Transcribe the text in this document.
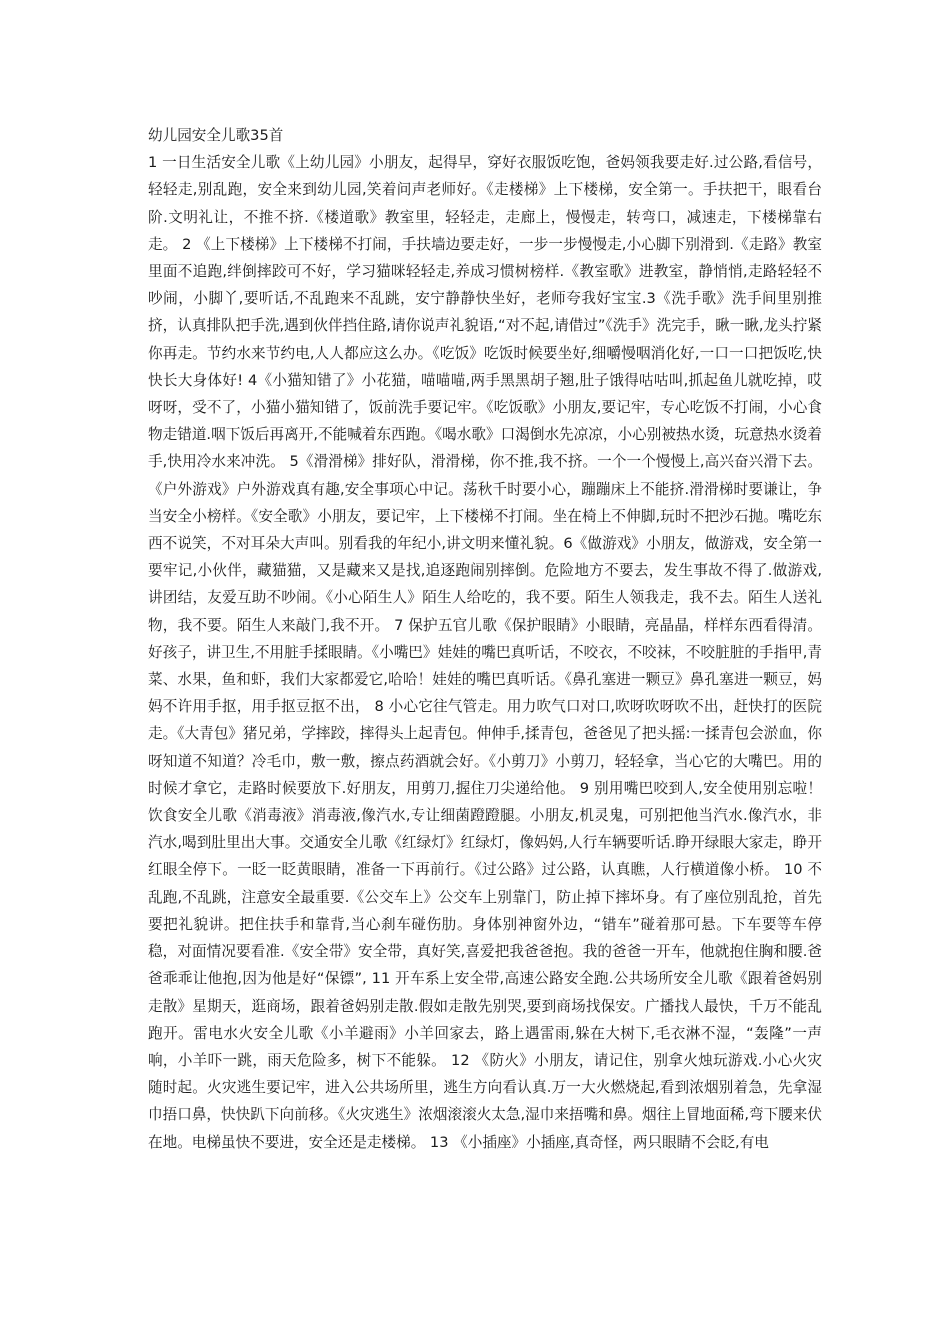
幼儿园安全儿歌35首

1 一日生活安全儿歌《上幼儿园》小朋友，起得早，穿好衣服饭吃饱，爸妈领我要走好.过公路,看信号，轻轻走,别乱跑，安全来到幼儿园,笑着问声老师好。《走楼梯》上下楼梯，安全第一。手扶把干，眼看台阶.文明礼让，不推不挤.《楼道歌》教室里，轻轻走，走廊上，慢慢走，转弯口，减速走，下楼梯靠右走。 2 《上下楼梯》上下楼梯不打闹，手扶墙边要走好，一步一步慢慢走,小心脚下别滑到.《走路》教室里面不追跑,绊倒摔跤可不好，学习猫咪轻轻走,养成习惯树榜样.《教室歌》进教室，静悄悄,走路轻轻不吵闹，小脚丫,要听话,不乱跑来不乱跳，安宁静静快坐好，老师夸我好宝宝.3《洗手歌》洗手间里别推挤，认真排队把手洗,遇到伙伴挡住路,请你说声礼貌语,“对不起,请借过”《洗手》洗完手，瞅一瞅,龙头拧紧你再走。节约水来节约电,人人都应这么办。《吃饭》吃饭时候要坐好,细嚼慢咽消化好,一口一口把饭吃,快快长大身体好! 4《小猫知错了》小花猫，喵喵喵,两手黑黑胡子翘,肚子饿得咕咕叫,抓起鱼儿就吃掉，哎呀呀，受不了，小猫小猫知错了，饭前洗手要记牢。《吃饭歌》小朋友,要记牢，专心吃饭不打闹，小心食物走错道.咽下饭后再离开,不能喊着东西跑。《喝水歌》口渴倒水先凉凉，小心别被热水烫，玩意热水烫着手,快用冷水来冲洗。 5《滑滑梯》排好队，滑滑梯，你不推,我不挤。一个一个慢慢上,高兴奋兴滑下去。《户外游戏》户外游戏真有趣,安全事项心中记。荡秋千时要小心，蹦蹦床上不能挤.滑滑梯时要谦让，争当安全小榜样。《安全歌》小朋友，要记牢，上下楼梯不打闹。坐在椅上不伸脚,玩时不把沙石抛。嘴吃东西不说笑，不对耳朵大声叫。别看我的年纪小,讲文明来懂礼貌。6《做游戏》小朋友，做游戏，安全第一要牢记,小伙伴，藏猫猫，又是藏来又是找,追逐跑闹别摔倒。危险地方不要去，发生事故不得了.做游戏,讲团结，友爱互助不吵闹。《小心陌生人》陌生人给吃的，我不要。陌生人领我走，我不去。陌生人送礼物，我不要。陌生人来敲门,我不开。 7 保护五官儿歌《保护眼睛》小眼睛，亮晶晶，样样东西看得清。好孩子，讲卫生,不用脏手揉眼睛。《小嘴巴》娃娃的嘴巴真听话，不咬衣，不咬袜，不咬脏脏的手指甲,青菜、水果，鱼和虾，我们大家都爱它,哈哈！娃娃的嘴巴真听话。《鼻孔塞进一颗豆》鼻孔塞进一颗豆，妈妈不许用手抠，用手抠豆抠不出， 8 小心它往气管走。用力吹气口对口,吹呀吹呀吹不出，赶快打的医院走。《大青包》猪兄弟，学摔跤，摔得头上起青包。伸伸手,揉青包，爸爸见了把头摇:一揉青包会淤血，你呀知道不知道？冷毛巾，敷一敷，擦点药酒就会好。《小剪刀》小剪刀，轻轻拿，当心它的大嘴巴。用的时候才拿它，走路时候要放下.好朋友，用剪刀,握住刀尖递给他。 9 别用嘴巴咬到人,安全使用别忘啦！饮食安全儿歌《消毒液》消毒液,像汽水,专让细菌蹬蹬腿。小朋友,机灵鬼，可别把他当汽水.像汽水，非汽水,喝到肚里出大事。交通安全儿歌《红绿灯》红绿灯，像妈妈,人行车辆要听话.睁开绿眼大家走，睁开红眼全停下。一眨一眨黄眼睛，准备一下再前行。《过公路》过公路，认真瞧，人行横道像小桥。 10 不乱跑,不乱跳，注意安全最重要.《公交车上》公交车上别靠门，防止掉下摔坏身。有了座位别乱抢，首先要把礼貌讲。把住扶手和靠背,当心刹车碰伤肋。身体别神窗外边，“错车”碰着那可悬。下车要等车停稳，对面情况要看准.《安全带》安全带，真好笑,喜爱把我爸爸抱。我的爸爸一开车，他就抱住胸和腰.爸爸乖乖让他抱,因为他是好“保镖”, 11 开车系上安全带,高速公路安全跑.公共场所安全儿歌《跟着爸妈别走散》星期天，逛商场，跟着爸妈别走散.假如走散先别哭,要到商场找保安。广播找人最快，千万不能乱跑开。雷电水火安全儿歌《小羊避雨》小羊回家去，路上遇雷雨,躲在大树下,毛衣淋不湿，“轰隆”一声响，小羊吓一跳，雨天危险多，树下不能躲。 12 《防火》小朋友，请记住，别拿火烛玩游戏.小心火灾随时起。火灾逃生要记牢，进入公共场所里，逃生方向看认真.万一大火燃烧起,看到浓烟别着急，先拿湿巾捂口鼻，快快趴下向前移。《火灾逃生》浓烟滚滚火太急,湿巾来捂嘴和鼻。烟往上冒地面稀,弯下腰来伏在地。电梯虽快不要进，安全还是走楼梯。 13 《小插座》小插座,真奇怪，两只眼睛不会眨,有电
